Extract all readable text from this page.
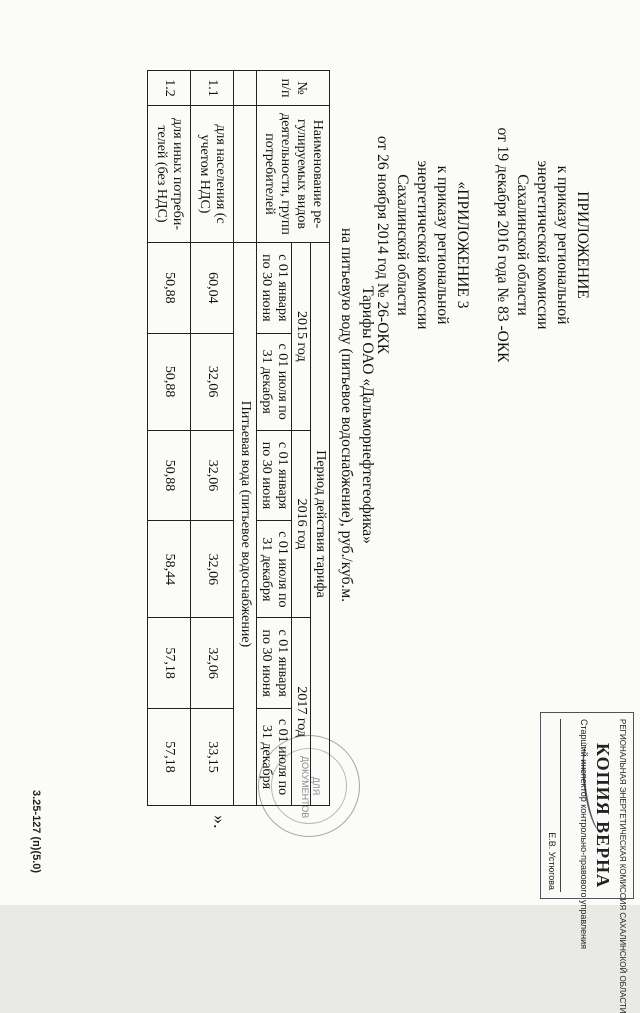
ПРИЛОЖЕНИЕ
к приказу региональной
энергетической комиссии
Сахалинской области
от 19 декабря 2016 года № 83 -ОКК
«ПРИЛОЖЕНИЕ 3
к приказу региональной
энергетической комиссии
Сахалинской области
от 26 ноября 2014 год № 26-ОКК
Тарифы ОАО «Дальморнефтегеофика»
на питьевую воду (питьевое водоснабжение), руб./куб.м.
№ п/п	Наименование ре-гулируемых видов деятельности, групп потребителей	Период действия тарифа					
		2015 год		2016 год		2017 год	
		с 01 января по 30 июня	с 01 июля по 31 декабря	с 01 января по 30 июня	с 01 июля по 31 декабря	с 01 января по 30 июня	с 01 июля по 31 декабря
		Питьевая вода (питьевое водоснабжение)					
1.1	для населения (с учетом НДС)	60,04	32,06	32,06	32,06	32,06	33,15
1.2	для иных потреби-телей (без НДС)	50,88	50,88	50,88	58,44	57,18	57,18
».
3.25-127 (п)(5.0)
ДЛЯ ДОКУМЕНТОВ	РЕГИОНАЛЬНАЯ ЭНЕРГЕТИЧЕСКАЯ КОМИССИЯ САХАЛИНСКОЙ ОБЛАСТИ
КОПИЯ ВЕРНА
Старший инспектор контрольно-правового управления
Е.В. Устюгова
